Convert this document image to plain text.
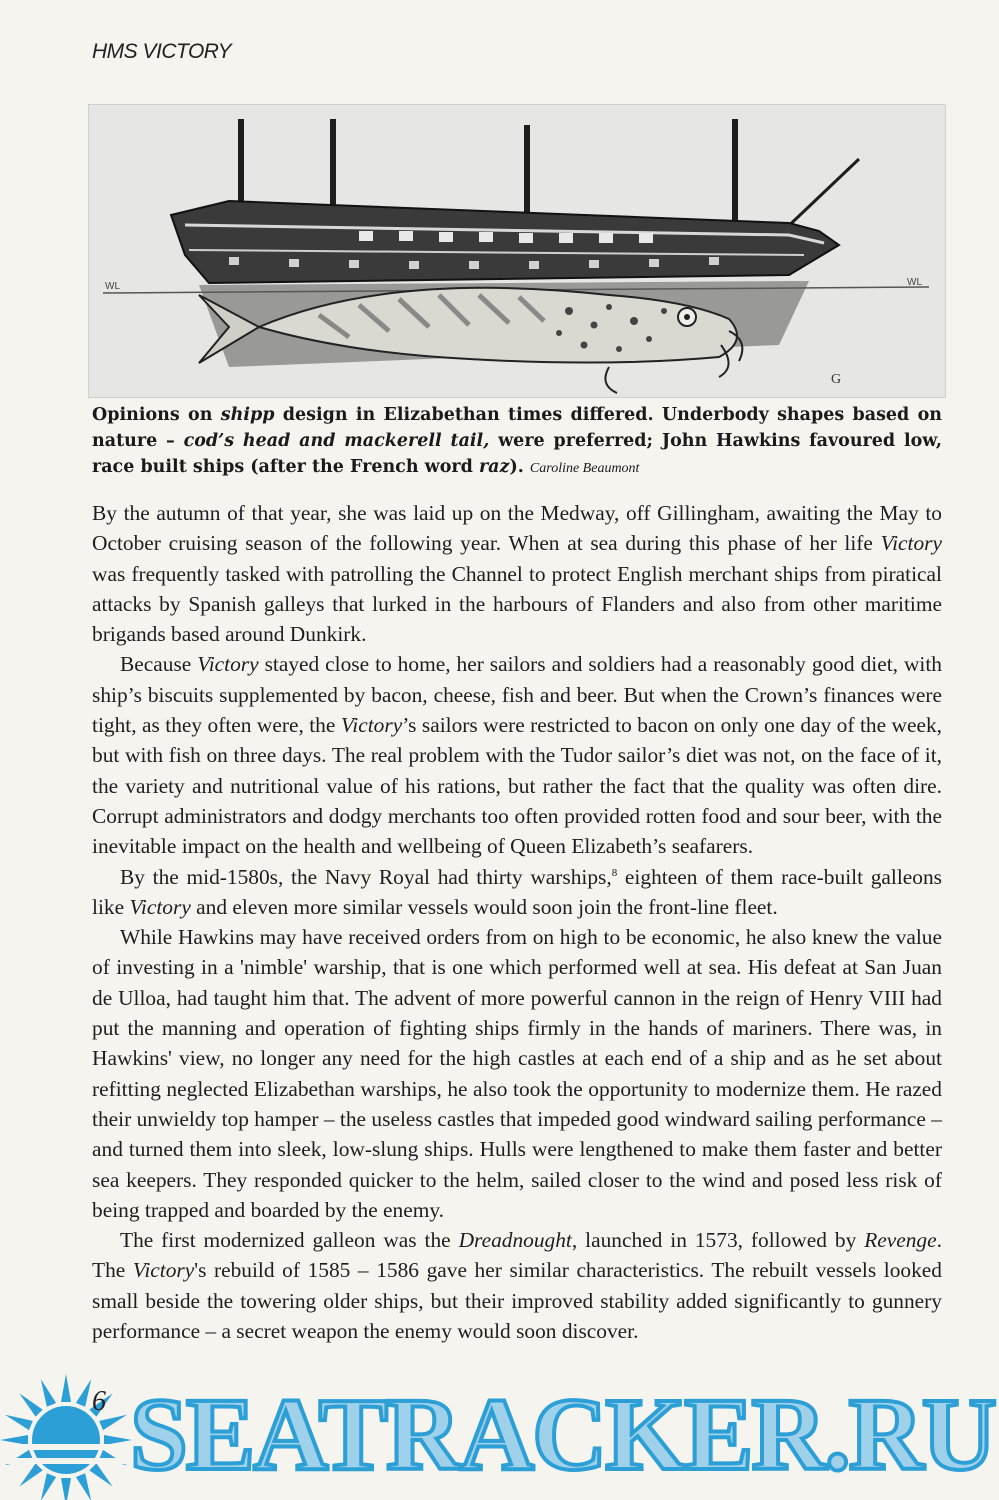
HMS VICTORY
WL	WL
G
Opinions on shipp design in Elizabethan times differed. Underbody shapes based on nature – cod’s head and mackerell tail, were preferred; John Hawkins favoured low, race built ships (after the French word raz). Caroline Beaumont

By the autumn of that year, she was laid up on the Medway, off Gillingham, awaiting the May to October cruising season of the following year. When at sea during this phase of her life Victory was frequently tasked with patrolling the Channel to protect English merchant ships from piratical attacks by Spanish galleys that lurked in the harbours of Flanders and also from other maritime brigands based around Dunkirk.

Because Victory stayed close to home, her sailors and soldiers had a reasonably good diet, with ship’s biscuits supplemented by bacon, cheese, fish and beer. But when the Crown’s finances were tight, as they often were, the Victory’s sailors were restricted to bacon on only one day of the week, but with fish on three days. The real problem with the Tudor sailor’s diet was not, on the face of it, the variety and nutritional value of his rations, but rather the fact that the quality was often dire. Corrupt administrators and dodgy merchants too often provided rotten food and sour beer, with the inevitable impact on the health and wellbeing of Queen Elizabeth’s seafarers.

By the mid-1580s, the Navy Royal had thirty warships,$^8$ eighteen of them race-built galleons like Victory and eleven more similar vessels would soon join the front-line fleet.

While Hawkins may have received orders from on high to be economic, he also knew the value of investing in a 'nimble' warship, that is one which performed well at sea. His defeat at San Juan de Ulloa, had taught him that. The advent of more powerful cannon in the reign of Henry VIII had put the manning and operation of fighting ships firmly in the hands of mariners. There was, in Hawkins' view, no longer any need for the high castles at each end of a ship and as he set about refitting neglected Elizabethan warships, he also took the opportunity to modernize them. He razed their unwieldy top hamper – the useless castles that impeded good windward sailing performance – and turned them into sleek, low-slung ships. Hulls were lengthened to make them faster and better sea keepers. They responded quicker to the helm, sailed closer to the wind and posed less risk of being trapped and boarded by the enemy.

The first modernized galleon was the Dreadnought, launched in 1573, followed by Revenge. The Victory's rebuild of 1585 – 1586 gave her similar characteristics. The rebuilt vessels looked small beside the towering older ships, but their improved stability added significantly to gunnery performance – a secret weapon the enemy would soon discover.

SEATRACKER.RU
6
